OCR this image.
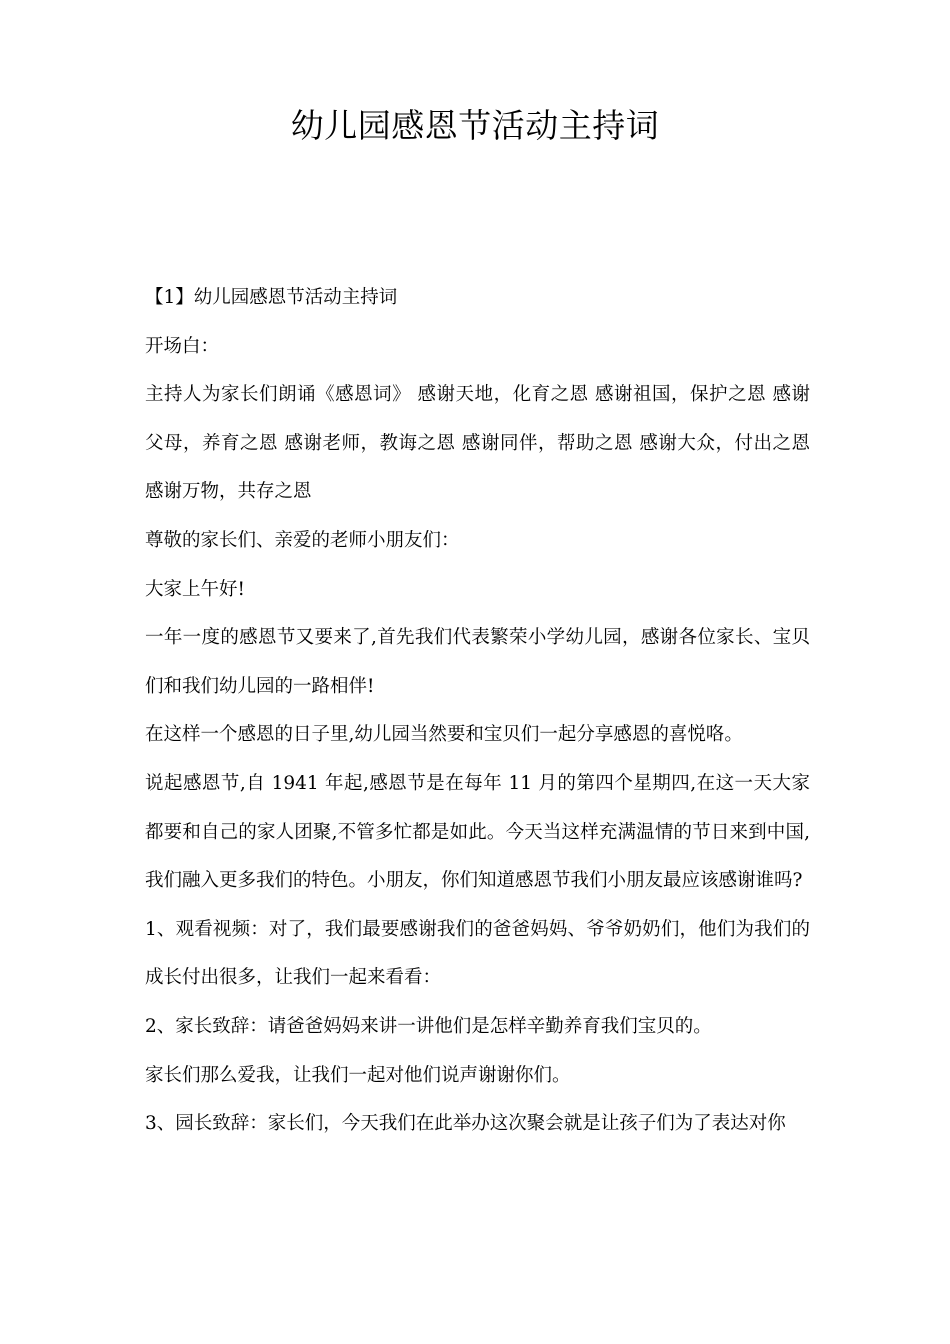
幼儿园感恩节活动主持词

【1】幼儿园感恩节活动主持词

开场白：

主持人为家长们朗诵《感恩词》 感谢天地，化育之恩 感谢祖国，保护之恩 感谢父母，养育之恩 感谢老师，教诲之恩 感谢同伴，帮助之恩 感谢大众，付出之恩 感谢万物，共存之恩

尊敬的家长们、亲爱的老师小朋友们：

大家上午好!

一年一度的感恩节又要来了,首先我们代表繁荣小学幼儿园，感谢各位家长、宝贝们和我们幼儿园的一路相伴!

在这样一个感恩的日子里,幼儿园当然要和宝贝们一起分享感恩的喜悦咯。

说起感恩节,自 1941 年起,感恩节是在每年 11 月的第四个星期四,在这一天大家都要和自己的家人团聚,不管多忙都是如此。今天当这样充满温情的节日来到中国,我们融入更多我们的特色。小朋友，你们知道感恩节我们小朋友最应该感谢谁吗?

1、观看视频：对了，我们最要感谢我们的爸爸妈妈、爷爷奶奶们，他们为我们的成长付出很多，让我们一起来看看：

2、家长致辞：请爸爸妈妈来讲一讲他们是怎样辛勤养育我们宝贝的。

家长们那么爱我，让我们一起对他们说声谢谢你们。

3、园长致辞：家长们，今天我们在此举办这次聚会就是让孩子们为了表达对你
